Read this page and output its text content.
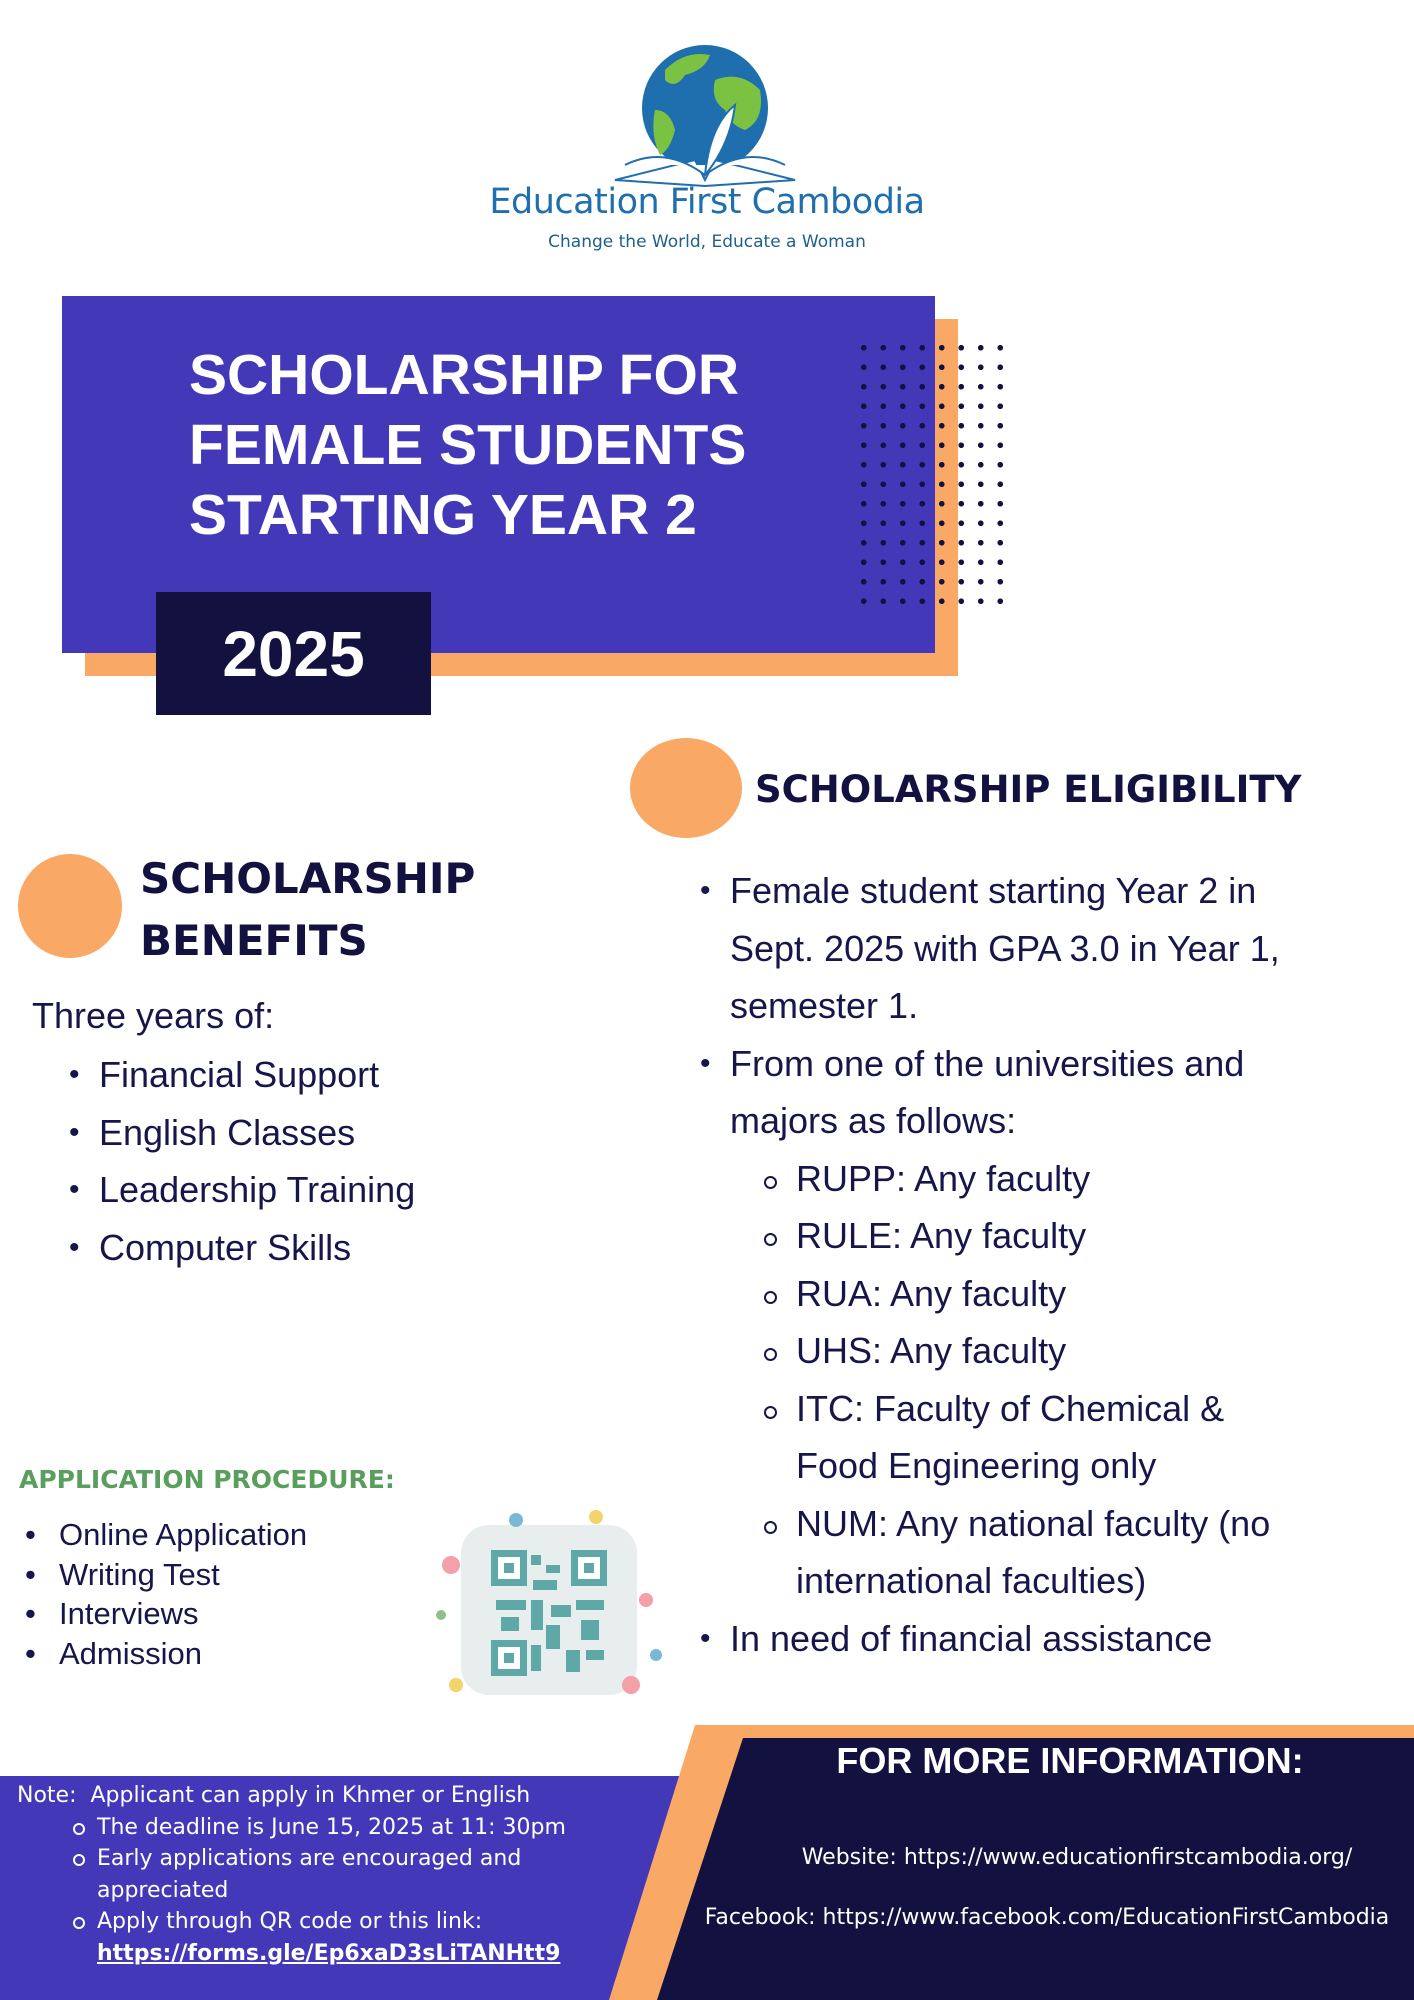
Education First Cambodia
Change the World, Educate a Woman
SCHOLARSHIP FOR
FEMALE STUDENTS
STARTING YEAR 2
2025
SCHOLARSHIP ELIGIBILITY
• Female student starting Year 2 in Sept. 2025 with GPA 3.0 in Year 1, semester 1.
• From one of the universities and majors as follows:
RUPP: Any faculty
RULE: Any faculty
RUA: Any faculty
UHS: Any faculty
ITC: Faculty of Chemical & Food Engineering only
NUM: Any national faculty (no international faculties)
• In need of financial assistance
SCHOLARSHIP
BENEFITS
Three years of:
• Financial Support
• English Classes
• Leadership Training
• Computer Skills
APPLICATION PROCEDURE:
• Online Application
• Writing Test
• Interviews
• Admission
Note: Applicant can apply in Khmer or English
The deadline is June 15, 2025 at 11: 30pm
Early applications are encouraged and appreciated
Apply through QR code or this link:
https://forms.gle/Ep6xaD3sLiTANHtt9
FOR MORE INFORMATION:
Website: https://www.educationfirstcambodia.org/
Facebook: https://www.facebook.com/EducationFirstCambodia
